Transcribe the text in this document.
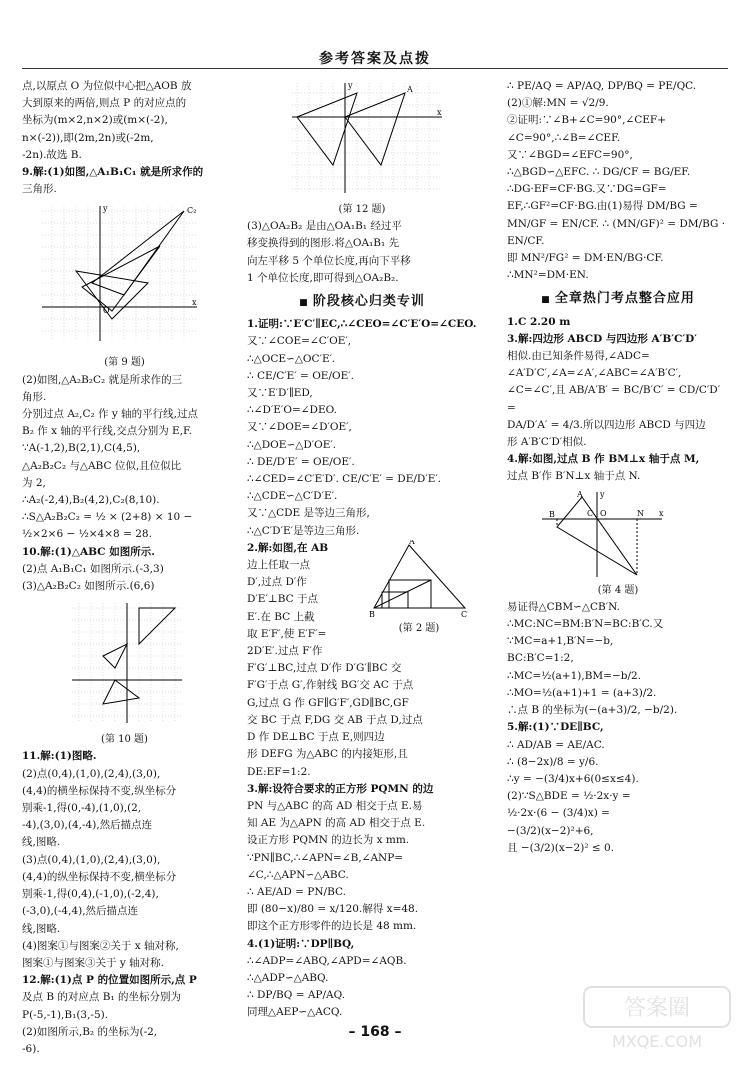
参考答案及点拨

点,以原点 O 为位似中心把△AOB 放

大到原来的两倍,则点 P 的对应点的

坐标为(m×2,n×2)或(m×(-2),

n×(-2)),即(2m,2n)或(-2m,

-2n).故选 B.

9.解:(1)如图,△A₁B₁C₁ 就是所求作的

三角形.

C₂
O
x
y

(第 9 题)

(2)如图,△A₂B₂C₂ 就是所求作的三

角形.

分别过点 A₂,C₂ 作 y 轴的平行线,过点

B₂ 作 x 轴的平行线,交点分别为 E,F.

∵A(-1,2),B(2,1),C(4,5),

△A₂B₂C₂ 与△ABC 位似,且位似比

为 2,

∴A₂(-2,4),B₂(4,2),C₂(8,10).

∴S△A₂B₂C₂ = ½ × (2+8) × 10 −

½×2×6 − ½×4×8 = 28.

10.解:(1)△ABC 如图所示.

(2)点 A₁B₁C₁ 如图所示.(-3,3)

(3)△A₂B₂C₂ 如图所示.(6,6)

(第 10 题)

11.解:(1)图略.

(2)点(0,4),(1,0),(2,4),(3,0),

(4,4)的横坐标保持不变,纵坐标分

别乘-1,得(0,-4),(1,0),(2,

-4),(3,0),(4,-4),然后描点连

线,图略.

(3)点(0,4),(1,0),(2,4),(3,0),

(4,4)的纵坐标保持不变,横坐标分

别乘-1,得(0,4),(-1,0),(-2,4),

(-3,0),(-4,4),然后描点连

线,图略.

(4)图案①与图案②关于 x 轴对称,

图案①与图案③关于 y 轴对称.

12.解:(1)点 P 的位置如图所示,点 P

及点 B 的对应点 B₁ 的坐标分别为

P(-5,-1),B₁(3,-5).

(2)如图所示,B₂ 的坐标为(-2,

-6).

A
x
y

(第 12 题)

(3)△OA₂B₂ 是由△OA₁B₁ 经过平

移变换得到的图形.将△OA₁B₁ 先

向左平移 5 个单位长度,再向下平移

1 个单位长度,即可得到△OA₂B₂.

■ 阶段核心归类专训

1.证明:∵E′C′∥EC,∴∠CEO=∠C′E′O=∠CEO.

又∵∠COE=∠C′OE′,

∴△OCE∽△OC′E′.

∴ CE/C′E′ = OE/OE′.

又∵E′D′∥ED,

∴∠D′E′O=∠DEO.

又∵∠DOE=∠D′OE′,

∴△DOE∽△D′OE′.

∴ DE/D′E′ = OE/OE′.

∴∠CED=∠C′E′D′. CE/C′E′ = DE/D′E′.

∴△CDE∽△C′D′E′.

又∵△CDE 是等边三角形,

∴△C′D′E′是等边三角形.

A
B	C

2.解:如图,在 AB

边上任取一点

D′,过点 D′作

D′E′⊥BC 于点

E′.在 BC 上截

取 E′F′,使 E′F′=

2D′E′.过点 F′作

(第 2 题)

F′G′⊥BC,过点 D′作 D′G′∥BC 交

F′G′于点 G′,作射线 BG′交 AC 于点

G,过点 G 作 GF∥G′F′,GD∥BC,GF

交 BC 于点 F,DG 交 AB 于点 D,过点

D 作 DE⊥BC 于点 E,则四边

形 DEFG 为△ABC 的内接矩形,且

DE:EF=1:2.

3.解:设符合要求的正方形 PQMN 的边

PN 与△ABC 的高 AD 相交于点 E.易

知 AE 为△APN 的高 AD 相交于点 E.

设正方形 PQMN 的边长为 x mm.

∵PN∥BC,∴∠APN=∠B,∠ANP=

∠C,∴△APN∽△ABC.

∴ AE/AD = PN/BC.

即 (80−x)/80 = x/120.解得 x=48.

即这个正方形零件的边长是 48 mm.

4.(1)证明:∵DP∥BQ,

∴∠ADP=∠ABQ,∠APD=∠AQB.

∴△ADP∽△ABQ.

∴ DP/BQ = AP/AQ.

同理△AEP∽△ACQ.

∴ PE/AQ = AP/AQ, DP/BQ = PE/QC.

(2)①解:MN = √2/9.

②证明:∵∠B+∠C=90°,∠CEF+

∠C=90°,∴∠B=∠CEF.

又∵∠BGD=∠EFC=90°,

∴△BGD∽△EFC. ∴ DG/CF = BG/EF.

∴DG·EF=CF·BG.又∵DG=GF=

EF,∴GF²=CF·BG.由(1)易得 DM/BG =

MN/GF = EN/CF. ∴ (MN/GF)² = DM/BG · EN/CF.

即 MN²/FG² = DM·EN/BG·CF. ∴MN²=DM·EN.

■ 全章热门考点整合应用

1.C 2.20 m

3.解:四边形 ABCD 与四边形 A′B′C′D′

相似.由已知条件易得,∠ADC=

∠A′D′C′,∠A=∠A′,∠ABC=∠A′B′C′,

∠C=∠C′,且 AB/A′B′ = BC/B′C′ = CD/C′D′ =

DA/D′A′ = 4/3.所以四边形 ABCD 与四边

形 A′B′C′D′相似.

4.解:如图,过点 B 作 BM⊥x 轴于点 M,

过点 B′作 B′N⊥x 轴于点 N.

A
B	C O	N x
y

(第 4 题)

易证得△CBM∽△CB′N.

∴MC:NC=BM:B′N=BC:B′C.又

∵MC=a+1,B′N=−b,

BC:B′C=1:2,

∴MC=½(a+1),BM=−b/2.

∴MO=½(a+1)+1 = (a+3)/2.

∴点 B 的坐标为(−(a+3)/2, −b/2).

5.解:(1)∵DE∥BC,

∴ AD/AB = AE/AC.

∴ (8−2x)/8 = y/6.

∴y = −(3/4)x+6(0≤x≤4).

(2)∵S△BDE = ½·2x·y =

½·2x·(6 − (3/4)x) =

−(3/2)(x−2)²+6,

且 −(3/2)(x−2)² ≤ 0.

– 168 –
答案圈
MXQE.COM
